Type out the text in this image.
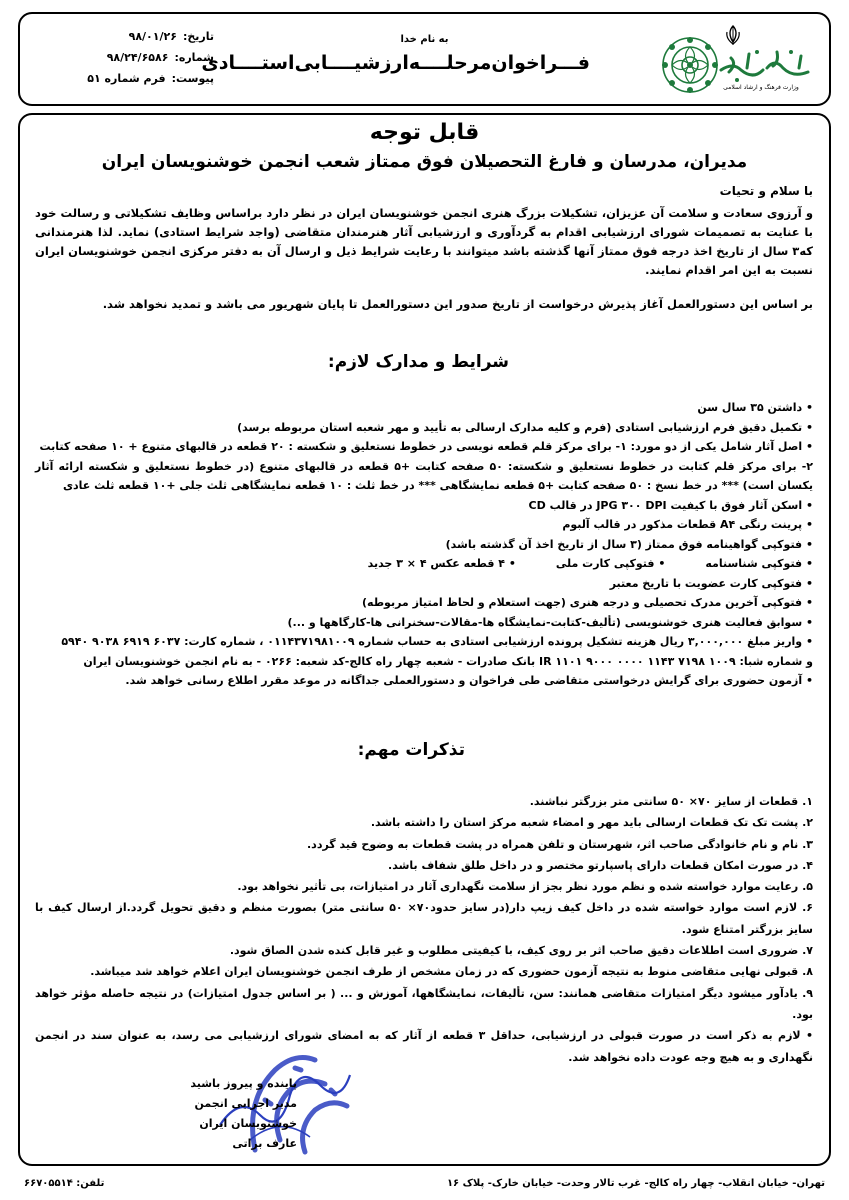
وزارت فرهنگ و ارشاد اسلامی
به نام خدا
فـــراخوان‌مرحلــــه‌ارزشیــــابی‌استــــادی
تاریخ:
۹۸/۰۱/۲۶
شماره:
۹۸/۲۴/۶۵۸۶
پیوست:
فرم شماره ۵۱
قابل توجه
مدیران، مدرسان و فارغ التحصیلان فوق ممتاز شعب انجمن خوشنویسان ایران
با سلام و تحیات
و آرزوی سعادت و سلامت آن عزیزان، تشکیلات بزرگ هنری انجمن خوشنویسان ایران در نظر دارد براساس وظایف تشکیلاتی و رسالت خود با عنایت به تصمیمات شورای ارزشیابی اقدام به گردآوری و ارزشیابی آثار هنرمندان متقاضی (واجد شرایط استادی) نماید. لذا هنرمندانی که۳ سال از تاریخ اخذ درجه فوق ممتاز آنها گذشته باشد میتوانند با رعایت شرایط ذیل و ارسال آن به دفتر مرکزی انجمن خوشنویسان ایران نسبت به این امر اقدام نمایند.
بر اساس این دستورالعمل آغاز پذیرش درخواست از تاریخ صدور این دستورالعمل تا پایان شهریور می باشد و تمدید نخواهد شد.
شرایط و مدارک لازم:
• داشتن ۳۵ سال سن
• تکمیل دقیق فرم ارزشیابی استادی (فرم و کلیه مدارک ارسالی به تأیید و مهر شعبه استان مربوطه برسد)
• اصل آثار شامل یکی از دو مورد: ۱- برای مرکز قلم قطعه نویسی در خطوط نستعلیق و شکسته : ۲۰ قطعه در قالبهای متنوع + ۱۰ صفحه کتابت
۲- برای مرکز قلم کتابت در خطوط نستعلیق و شکسته: ۵۰ صفحه کتابت +۵ قطعه در قالبهای متنوع (در خطوط نستعلیق و شکسته ارائه آثار یکسان است) *** در خط نسخ : ۵۰ صفحه کتابت +۵ قطعه نمایشگاهی *** در خط ثلث : ۱۰ قطعه نمایشگاهی ثلث جلی +۱۰ قطعه ثلث عادی
• اسکن آثار فوق با کیفیت JPG ۳۰۰ DPI در قالب CD
• پرینت رنگی A۴ قطعات مذکور در قالب آلبوم
• فتوکپی گواهینامه فوق ممتاز (۳ سال از تاریخ اخذ آن گذشته باشد)
• فتوکپی شناسنامه
• فتوکپی کارت ملی
• ۴ قطعه عکس ۴ × ۳ جدید
• فتوکپی کارت عضویت با تاریخ معتبر
• فتوکپی آخرین مدرک تحصیلی و درجه هنری (جهت استعلام و لحاظ امتیاز مربوطه)
• سوابق فعالیت هنری خوشنویسی (تألیف-کتابت-نمایشگاه ها-مقالات-سخنرانی ها-کارگاهها و ...)
• واریز مبلغ ۳,۰۰۰,۰۰۰ ریال هزینه تشکیل پرونده ارزشیابی استادی به حساب شماره ۰۱۱۴۳۷۱۹۸۱۰۰۹ ، شماره کارت: ۶۰۳۷ ۶۹۱۹ ۹۰۳۸ ۵۹۴۰
و شماره شبا: IR ۱۱۰۱ ۹۰۰۰ ۰۰۰۰ ۱۱۴۳ ۷۱۹۸ ۱۰۰۹ بانک صادرات - شعبه چهار راه کالج-کد شعبه: ۰۲۶۶ - به نام انجمن خوشنویسان ایران
• آزمون حضوری برای گرایش درخواستی متقاضی طی فراخوان و دستورالعملی جداگانه در موعد مقرر اطلاع رسانی خواهد شد.
تذکرات مهم:
۱. قطعات از سایز ۷۰× ۵۰ سانتی متر بزرگتر نباشند.
۲. پشت تک تک قطعات ارسالی باید مهر و امضاء شعبه مرکز استان را داشته باشد.
۳. نام و نام خانوادگی صاحب اثر، شهرستان و تلفن همراه در پشت قطعات به وضوح قید گردد.
۴. در صورت امکان قطعات دارای پاسپارتو مختصر و در داخل طلق شفاف باشد.
۵. رعایت موارد خواسته شده و نظم مورد نظر بجز از سلامت نگهداری آثار در امتیازات، بی تأثیر نخواهد بود.
۶. لازم است موارد خواسته شده در داخل کیف زیپ دار(در سایز حدود۷۰× ۵۰ سانتی متر) بصورت منظم و دقیق تحویل گردد.از ارسال کیف با سایز بزرگتر امتناع شود.
۷. ضروری است اطلاعات دقیق صاحب اثر بر روی کیف، با کیفیتی مطلوب و غیر قابل کنده شدن الصاق شود.
۸. قبولی نهایی متقاضی منوط به نتیجه آزمون حضوری که در زمان مشخص از طرف انجمن خوشنویسان ایران اعلام خواهد شد میباشد.
۹. یادآور میشود دیگر امتیازات متقاضی همانند: سن، تألیفات، نمایشگاهها، آموزش و ... ( بر اساس جدول امتیازات) در نتیجه حاصله مؤثر خواهد بود.
• لازم به ذکر است در صورت قبولی در ارزشیابی، حداقل ۳ قطعه از آثار که به امضای شورای ارزشیابی می رسد، به عنوان سند در انجمن نگهداری و به هیچ وجه عودت داده نخواهد شد.
پاینده و پیروز باشید
مدیر اجرایی انجمن خوشنویسان ایران
عارف براتی
تهران- خیابان انقلاب- چهار راه کالج- غرب تالار وحدت- خیابان خارک- پلاک ۱۶
تلفن: ۶۶۷۰۵۵۱۴
